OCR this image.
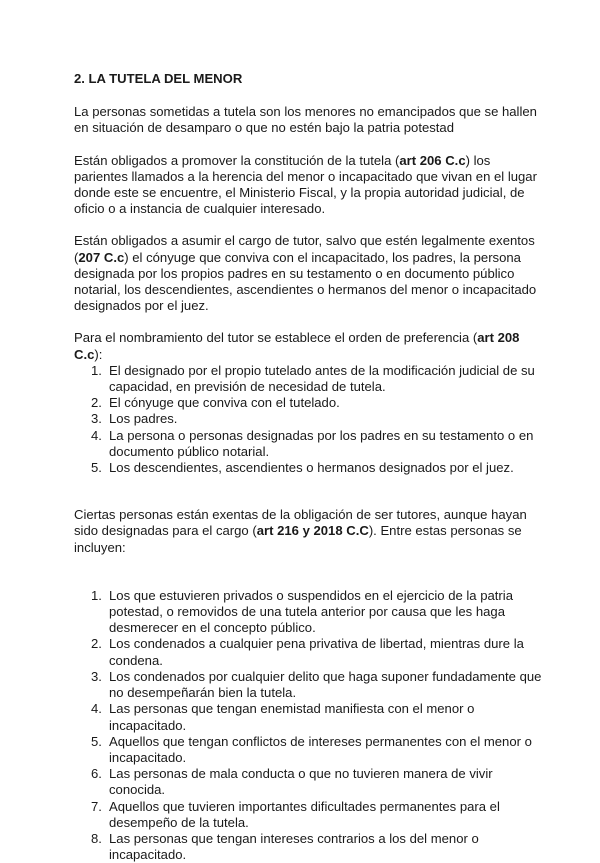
2. LA TUTELA DEL MENOR

La personas sometidas a tutela son los menores no emancipados que se hallen en situación de desamparo o que no estén bajo la patria potestad

Están obligados a promover la constitución de la tutela (art 206 C.c) los parientes llamados a la herencia del menor o incapacitado que vivan en el lugar donde este se encuentre, el Ministerio Fiscal, y la propia autoridad judicial, de oficio o a instancia de cualquier interesado.

Están obligados a asumir el cargo de tutor, salvo que estén legalmente exentos (207 C.c) el cónyuge que conviva con el incapacitado, los padres, la persona designada por los propios padres en su testamento o en documento público notarial, los descendientes, ascendientes o hermanos del menor o incapacitado designados por el juez.

Para el nombramiento del tutor se establece el orden de preferencia (art 208 C.c):

1. El designado por el propio tutelado antes de la modificación judicial de su capacidad, en previsión de necesidad de tutela.
2. El cónyuge que conviva con el tutelado.
3. Los padres.
4. La persona o personas designadas por los padres en su testamento o en documento público notarial.
5. Los descendientes, ascendientes o hermanos designados por el juez.

Ciertas personas están exentas de la obligación de ser tutores, aunque hayan sido designadas para el cargo (art 216 y 2018 C.C). Entre estas personas se incluyen:

1. Los que estuvieren privados o suspendidos en el ejercicio de la patria potestad, o removidos de una tutela anterior por causa que les haga desmerecer en el concepto público.
2. Los condenados a cualquier pena privativa de libertad, mientras dure la condena.
3. Los condenados por cualquier delito que haga suponer fundadamente que no desempeñarán bien la tutela.
4. Las personas que tengan enemistad manifiesta con el menor o incapacitado.
5. Aquellos que tengan conflictos de intereses permanentes con el menor o incapacitado.
6. Las personas de mala conducta o que no tuvieren manera de vivir conocida.
7. Aquellos que tuvieren importantes dificultades permanentes para el desempeño de la tutela.
8. Las personas que tengan intereses contrarios a los del menor o incapacitado.
